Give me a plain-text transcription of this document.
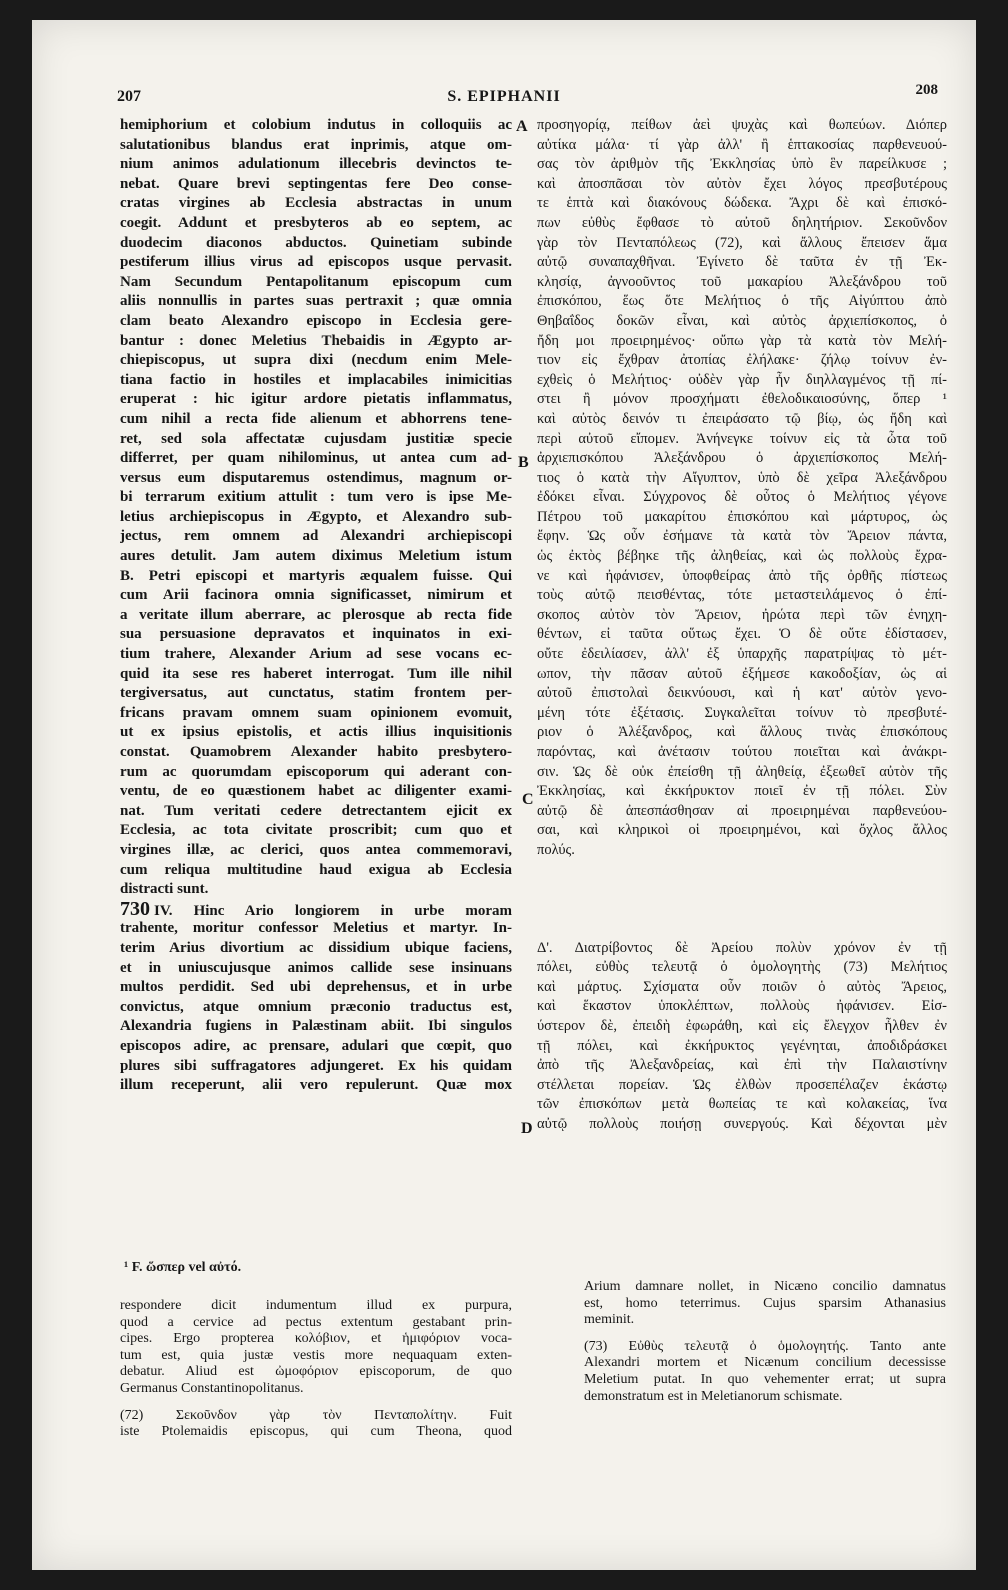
207	S. EPIPHANII	208
A
B
C
D
hemiphorium et colobium indutus in colloquiis ac
salutationibus blandus erat inprimis, atque om-
nium animos adulationum illecebris devinctos te-
nebat. Quare brevi septingentas fere Deo conse-
cratas virgines ab Ecclesia abstractas in unum
coegit. Addunt et presbyteros ab eo septem, ac
duodecim diaconos abductos. Quinetiam subinde
pestiferum illius virus ad episcopos usque pervasit.
Nam Secundum Pentapolitanum episcopum cum
aliis nonnullis in partes suas pertraxit ; quæ omnia
clam beato Alexandro episcopo in Ecclesia gere-
bantur : donec Meletius Thebaidis in Ægypto ar-
chiepiscopus, ut supra dixi (necdum enim Mele-
tiana factio in hostiles et implacabiles inimicitias
eruperat : hic igitur ardore pietatis inflammatus,
cum nihil a recta fide alienum et abhorrens tene-
ret, sed sola affectatæ cujusdam justitiæ specie
differret, per quam nihilominus, ut antea cum ad-
versus eum disputaremus ostendimus, magnum or-
bi terrarum exitium attulit : tum vero is ipse Me-
letius archiepiscopus in Ægypto, et Alexandro sub-
jectus, rem omnem ad Alexandri archiepiscopi
aures detulit. Jam autem diximus Meletium istum
B. Petri episcopi et martyris æqualem fuisse. Qui
cum Arii facinora omnia significasset, nimirum et
a veritate illum aberrare, ac plerosque ab recta fide
sua persuasione depravatos et inquinatos in exi-
tium trahere, Alexander Arium ad sese vocans ec-
quid ita sese res haberet interrogat. Tum ille nihil
tergiversatus, aut cunctatus, statim frontem per-
fricans pravam omnem suam opinionem evomuit,
ut ex ipsius epistolis, et actis illius inquisitionis
constat. Quamobrem Alexander habito presbytero-
rum ac quorumdam episcoporum qui aderant con-
ventu, de eo quæstionem habet ac diligenter exami-
nat. Tum veritati cedere detrectantem ejicit ex
Ecclesia, ac tota civitate proscribit; cum quo et
virgines illæ, ac clerici, quos antea commemoravi,
cum reliqua multitudine haud exigua ab Ecclesia
distracti sunt.
730 IV. Hinc Ario longiorem in urbe moram
trahente, moritur confessor Meletius et martyr. In-
terim Arius divortium ac dissidium ubique faciens,
et in uniuscujusque animos callide sese insinuans
multos perdidit. Sed ubi deprehensus, et in urbe
convictus, atque omnium præconio traductus est,
Alexandria fugiens in Palæstinam abiit. Ibi singulos
episcopos adire, ac prensare, adulari que cœpit, quo
plures sibi suffragatores adjungeret. Ex his quidam
illum receperunt, alii vero repulerunt. Quæ mox
προσηγορίᾳ, πείθων ἀεὶ ψυχὰς καὶ θωπεύων. Διόπερ
αὐτίκα μάλα· τί γὰρ ἀλλ' ἢ ἑπτακοσίας παρθενευού-
σας τὸν ἀριθμὸν τῆς Ἐκκλησίας ὑπὸ ἓν παρείλκυσε ;
καὶ ἀποσπᾶσαι τὸν αὐτὸν ἔχει λόγος πρεσβυτέρους
τε ἑπτὰ καὶ διακόνους δώδεκα. Ἄχρι δὲ καὶ ἐπισκό-
πων εὐθὺς ἔφθασε τὸ αὐτοῦ δηλητήριον. Σεκοῦνδον
γὰρ τὸν Πενταπόλεως (72), καὶ ἄλλους ἔπεισεν ἅμα
αὐτῷ συναπαχθῆναι. Ἐγίνετο δὲ ταῦτα ἐν τῇ Ἐκ-
κλησίᾳ, ἀγνοοῦντος τοῦ μακαρίου Ἀλεξάνδρου τοῦ
ἐπισκόπου, ἕως ὅτε Μελήτιος ὁ τῆς Αἰγύπτου ἀπὸ
Θηβαΐδος δοκῶν εἶναι, καὶ αὐτὸς ἀρχιεπίσκοπος, ὁ
ἤδη μοι προειρημένος· οὔπω γὰρ τὰ κατὰ τὸν Μελή-
τιον εἰς ἔχθραν ἀτοπίας ἐλήλακε· ζήλῳ τοίνυν ἐν-
εχθεὶς ὁ Μελήτιος· οὐδὲν γὰρ ἦν διηλλαγμένος τῇ πί-
στει ἢ μόνον προσχήματι ἐθελοδικαιοσύνης, ὅπερ ¹
καὶ αὐτὸς δεινόν τι ἐπειράσατο τῷ βίῳ, ὡς ἤδη καὶ
περὶ αὐτοῦ εἴπομεν. Ἀνήνεγκε τοίνυν εἰς τὰ ὦτα τοῦ
ἀρχιεπισκόπου Ἀλεξάνδρου ὁ ἀρχιεπίσκοπος Μελή-
τιος ὁ κατὰ τὴν Αἴγυπτον, ὑπὸ δὲ χεῖρα Ἀλεξάνδρου
ἐδόκει εἶναι. Σύγχρονος δὲ οὗτος ὁ Μελήτιος γέγονε
Πέτρου τοῦ μακαρίτου ἐπισκόπου καὶ μάρτυρος, ὡς
ἔφην. Ὡς οὖν ἐσήμανε τὰ κατὰ τὸν Ἄρειον πάντα,
ὡς ἐκτὸς βέβηκε τῆς ἀληθείας, καὶ ὡς πολλοὺς ἔχρα-
νε καὶ ἠφάνισεν, ὑποφθείρας ἀπὸ τῆς ὀρθῆς πίστεως
τοὺς αὐτῷ πεισθέντας, τότε μεταστειλάμενος ὁ ἐπί-
σκοπος αὐτὸν τὸν Ἄρειον, ἠρώτα περὶ τῶν ἐνηχη-
θέντων, εἰ ταῦτα οὕτως ἔχει. Ὁ δὲ οὔτε ἐδίστασεν,
οὔτε ἐδειλίασεν, ἀλλ' ἐξ ὑπαρχῆς παρατρίψας τὸ μέτ-
ωπον, τὴν πᾶσαν αὐτοῦ ἐξήμεσε κακοδοξίαν, ὡς αἱ
αὐτοῦ ἐπιστολαὶ δεικνύουσι, καὶ ἡ κατ' αὐτὸν γενο-
μένη τότε ἐξέτασις. Συγκαλεῖται τοίνυν τὸ πρεσβυτέ-
ριον ὁ Ἀλέξανδρος, καὶ ἄλλους τινὰς ἐπισκόπους
παρόντας, καὶ ἀνέτασιν τούτου ποιεῖται καὶ ἀνάκρι-
σιν. Ὡς δὲ οὐκ ἐπείσθη τῇ ἀληθείᾳ, ἐξεωθεῖ αὐτὸν τῆς
Ἐκκλησίας, καὶ ἐκκήρυκτον ποιεῖ ἐν τῇ πόλει. Σὺν
αὐτῷ δὲ ἀπεσπάσθησαν αἱ προειρημέναι παρθενεύου-
σαι, καὶ κληρικοὶ οἱ προειρημένοι, καὶ ὄχλος ἄλλος
πολύς.
Δ'. Διατρίβοντος δὲ Ἀρείου πολὺν χρόνον ἐν τῇ
πόλει, εὐθὺς τελευτᾷ ὁ ὁμολογητὴς (73) Μελήτιος
καὶ μάρτυς. Σχίσματα οὖν ποιῶν ὁ αὐτὸς Ἄρειος,
καὶ ἕκαστον ὑποκλέπτων, πολλοὺς ἠφάνισεν. Εἰσ-
ύστερον δὲ, ἐπειδὴ ἐφωράθη, καὶ εἰς ἔλεγχον ἦλθεν ἐν
τῇ πόλει, καὶ ἐκκήρυκτος γεγένηται, ἀποδιδράσκει
ἀπὸ τῆς Ἀλεξανδρείας, καὶ ἐπὶ τὴν Παλαιστίνην
στέλλεται πορείαν. Ὡς ἐλθὼν προσεπέλαζεν ἑκάστῳ
τῶν ἐπισκόπων μετὰ θωπείας τε καὶ κολακείας, ἵνα
αὐτῷ πολλοὺς ποιήσῃ συνεργούς. Καὶ δέχονται μὲν
¹ F. ὥσπερ vel αὐτό.
respondere dicit indumentum illud ex purpura,
quod a cervice ad pectus extentum gestabant prin-
cipes. Ergo propterea κολόβιον, et ἡμιφόριον voca-
tum est, quia justæ vestis more nequaquam exten-
debatur. Aliud est ὠμοφόριον episcoporum, de quo
Germanus Constantinopolitanus.
(72) Σεκοῦνδον γὰρ τὸν Πενταπολίτην. Fuit
iste Ptolemaidis episcopus, qui cum Theona, quod
Arium damnare nollet, in Nicæno concilio damnatus
est, homo teterrimus. Cujus sparsim Athanasius
meminit.
(73) Εὐθὺς τελευτᾷ ὁ ὁμολογητής. Tanto ante
Alexandri mortem et Nicænum concilium decessisse
Meletium putat. In quo vehementer errat; ut supra
demonstratum est in Meletianorum schismate.
